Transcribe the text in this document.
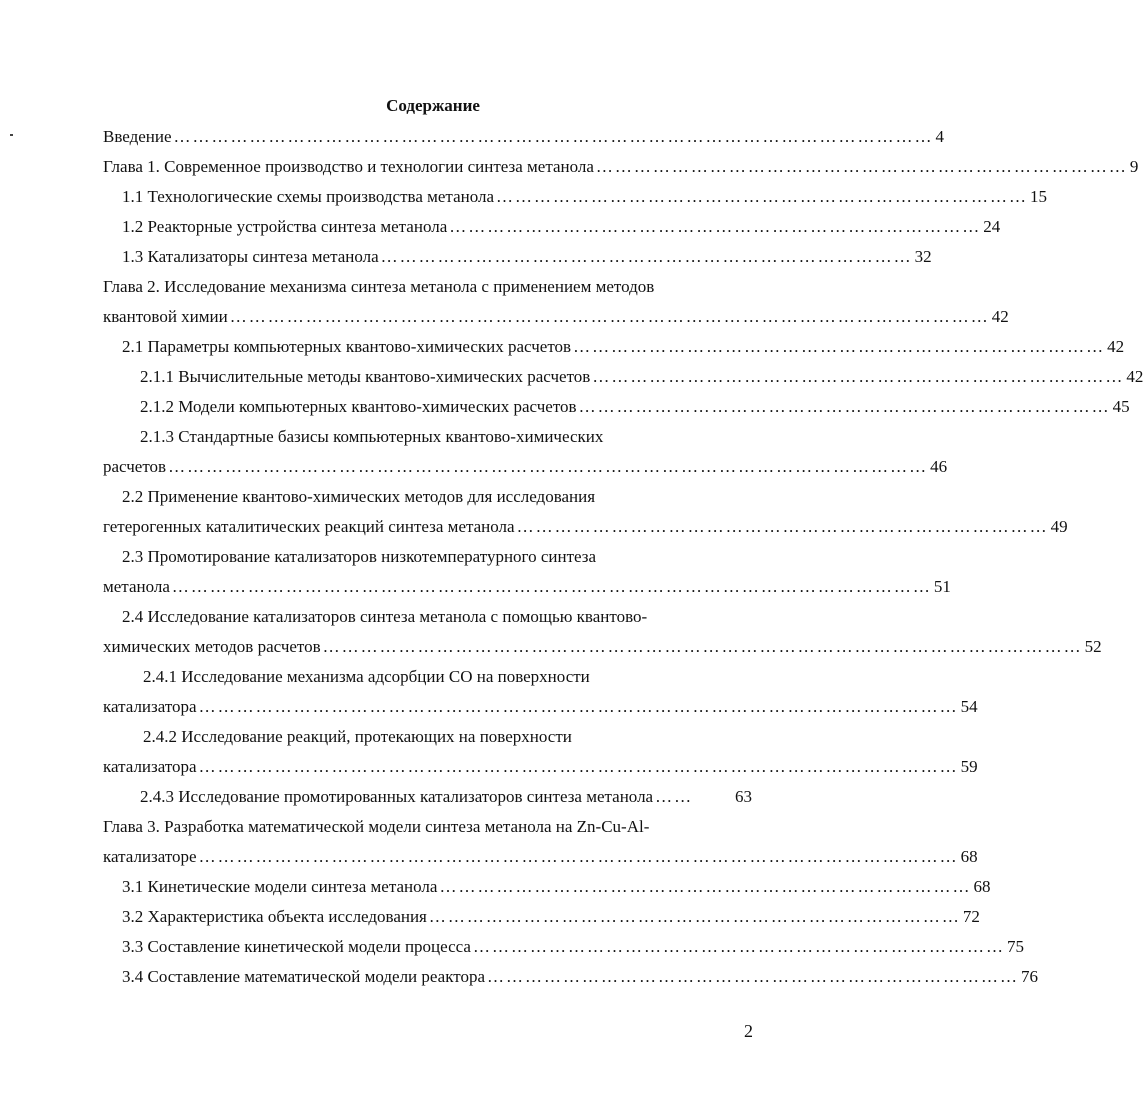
Содержание
Введение ………………………………………………………………………………………………………… 4
Глава 1. Современное производство и технологии синтеза метанола ………………………………………………………………………… 9
1.1 Технологические схемы производства метанола ………………………………………………………………………… 15
1.2 Реакторные устройства синтеза метанола ………………………………………………………………………… 24
1.3 Катализаторы синтеза метанола ………………………………………………………………………… 32
Глава 2. Исследование механизма синтеза метанола с применением методов
квантовой химии ………………………………………………………………………………………………………… 42
2.1 Параметры компьютерных квантово-химических расчетов ………………………………………………………………………… 42
2.1.1 Вычислительные методы квантово-химических расчетов ………………………………………………………………………… 42
2.1.2 Модели компьютерных квантово-химических расчетов ………………………………………………………………………… 45
2.1.3 Стандартные базисы компьютерных квантово-химических
расчетов ………………………………………………………………………………………………………… 46
2.2 Применение квантово-химических методов для исследования
гетерогенных каталитических реакций синтеза метанола ………………………………………………………………………… 49
2.3 Промотирование катализаторов низкотемпературного синтеза
метанола ………………………………………………………………………………………………………… 51
2.4 Исследование катализаторов синтеза метанола с помощью квантово-
химических методов расчетов ………………………………………………………………………………………………………… 52
2.4.1 Исследование механизма адсорбции СО на поверхности
катализатора ………………………………………………………………………………………………………… 54
2.4.2 Исследование реакций, протекающих на поверхности
катализатора ………………………………………………………………………………………………………… 59
2.4.3 Исследование промотированных катализаторов синтеза метанола ……	63
Глава 3. Разработка математической модели синтеза метанола на Zn-Cu-Al-
катализаторе ………………………………………………………………………………………………………… 68
3.1 Кинетические модели синтеза метанола ………………………………………………………………………… 68
3.2 Характеристика объекта исследования ………………………………………………………………………… 72
3.3 Составление кинетической модели процесса ………………………………………………………………………… 75
3.4 Составление математической модели реактора ………………………………………………………………………… 76
2
